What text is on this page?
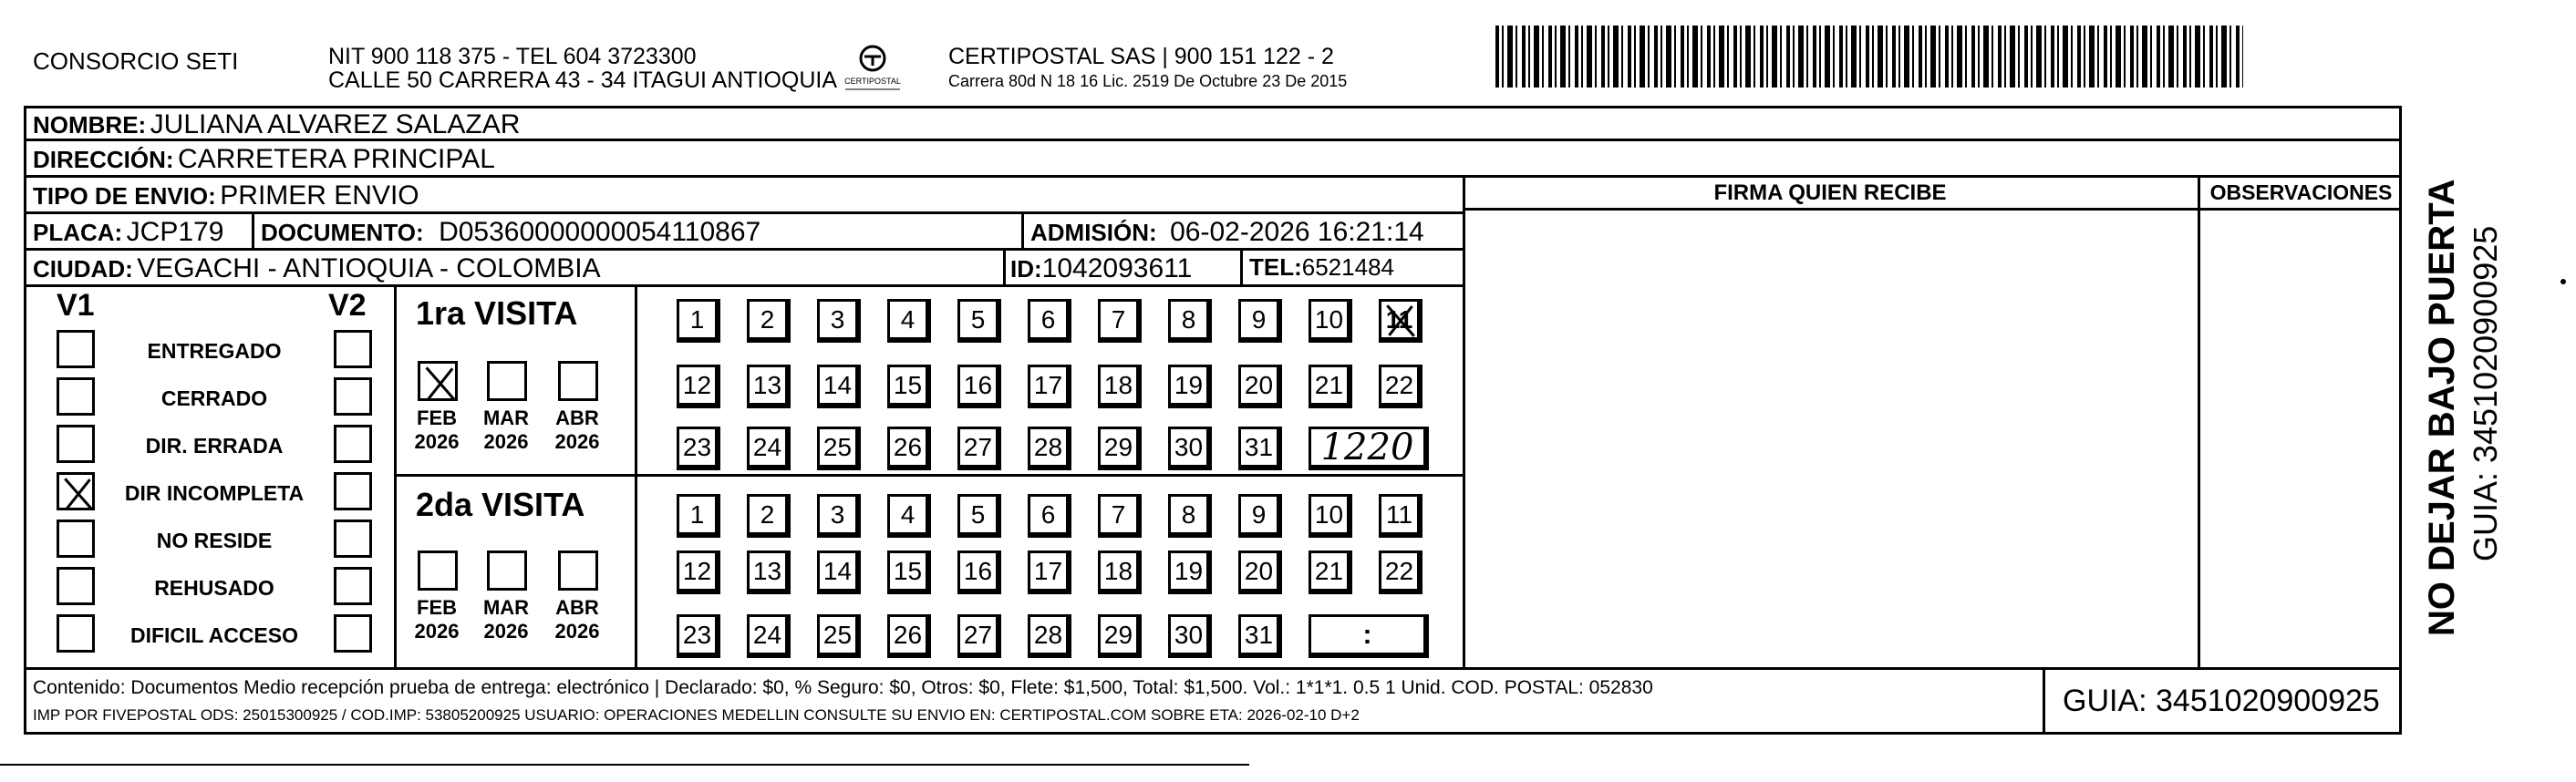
CONSORCIO SETI	NIT 900 118 375 - TEL 604 3723300
CALLE 50 CARRERA 43 - 34 ITAGUI ANTIOQUIA CERTIPOSTAL
CERTIPOSTAL SAS | 900 151 122 - 2
Carrera 80d N 18 16 Lic. 2519 De Octubre 23 De 2015
NOMBRE: JULIANA ALVAREZ SALAZAR
DIRECCIÓN: CARRETERA PRINCIPAL
TIPO DE ENVIO: PRIMER ENVIO
PLACA: JCP179 DOCUMENTO: D05360000000054110867	ADMISIÓN: 06-02-2026 16:21:14
CIUDAD: VEGACHI - ANTIOQUIA - COLOMBIA	ID:1042093611 TEL:6521484
FIRMA QUIEN RECIBE	OBSERVACIONES
V1	V2
ENTREGADO
CERRADO
DIR. ERRADA
DIR INCOMPLETA
NO RESIDE
REHUSADO
DIFICIL ACCESO
1ra VISITA
FEB
2026
MAR
2026
ABR
2026
1	2	3	4	5	6	7	8	9	10	11
12	13	14	15	16	17	18	19	20	21	22
23	24	25	26	27	28	29	30	31	1220
2da VISITA
FEB
2026
MAR
2026
ABR
2026
1	2	3	4	5	6	7	8	9	10	11
12	13	14	15	16	17	18	19	20	21	22
23	24	25	26	27	28	29	30	31	:
Contenido: Documentos Medio recepción prueba de entrega: electrónico | Declarado: $0, % Seguro: $0, Otros: $0, Flete: $1,500, Total: $1,500. Vol.: 1*1*1. 0.5 1 Unid. COD. POSTAL: 052830
IMP POR FIVEPOSTAL ODS: 25015300925 / COD.IMP: 53805200925 USUARIO: OPERACIONES MEDELLIN CONSULTE SU ENVIO EN: CERTIPOSTAL.COM SOBRE ETA: 2026-02-10 D+2	GUIA: 3451020900925
NO DEJAR BAJO PUERTA GUIA: 3451020900925
